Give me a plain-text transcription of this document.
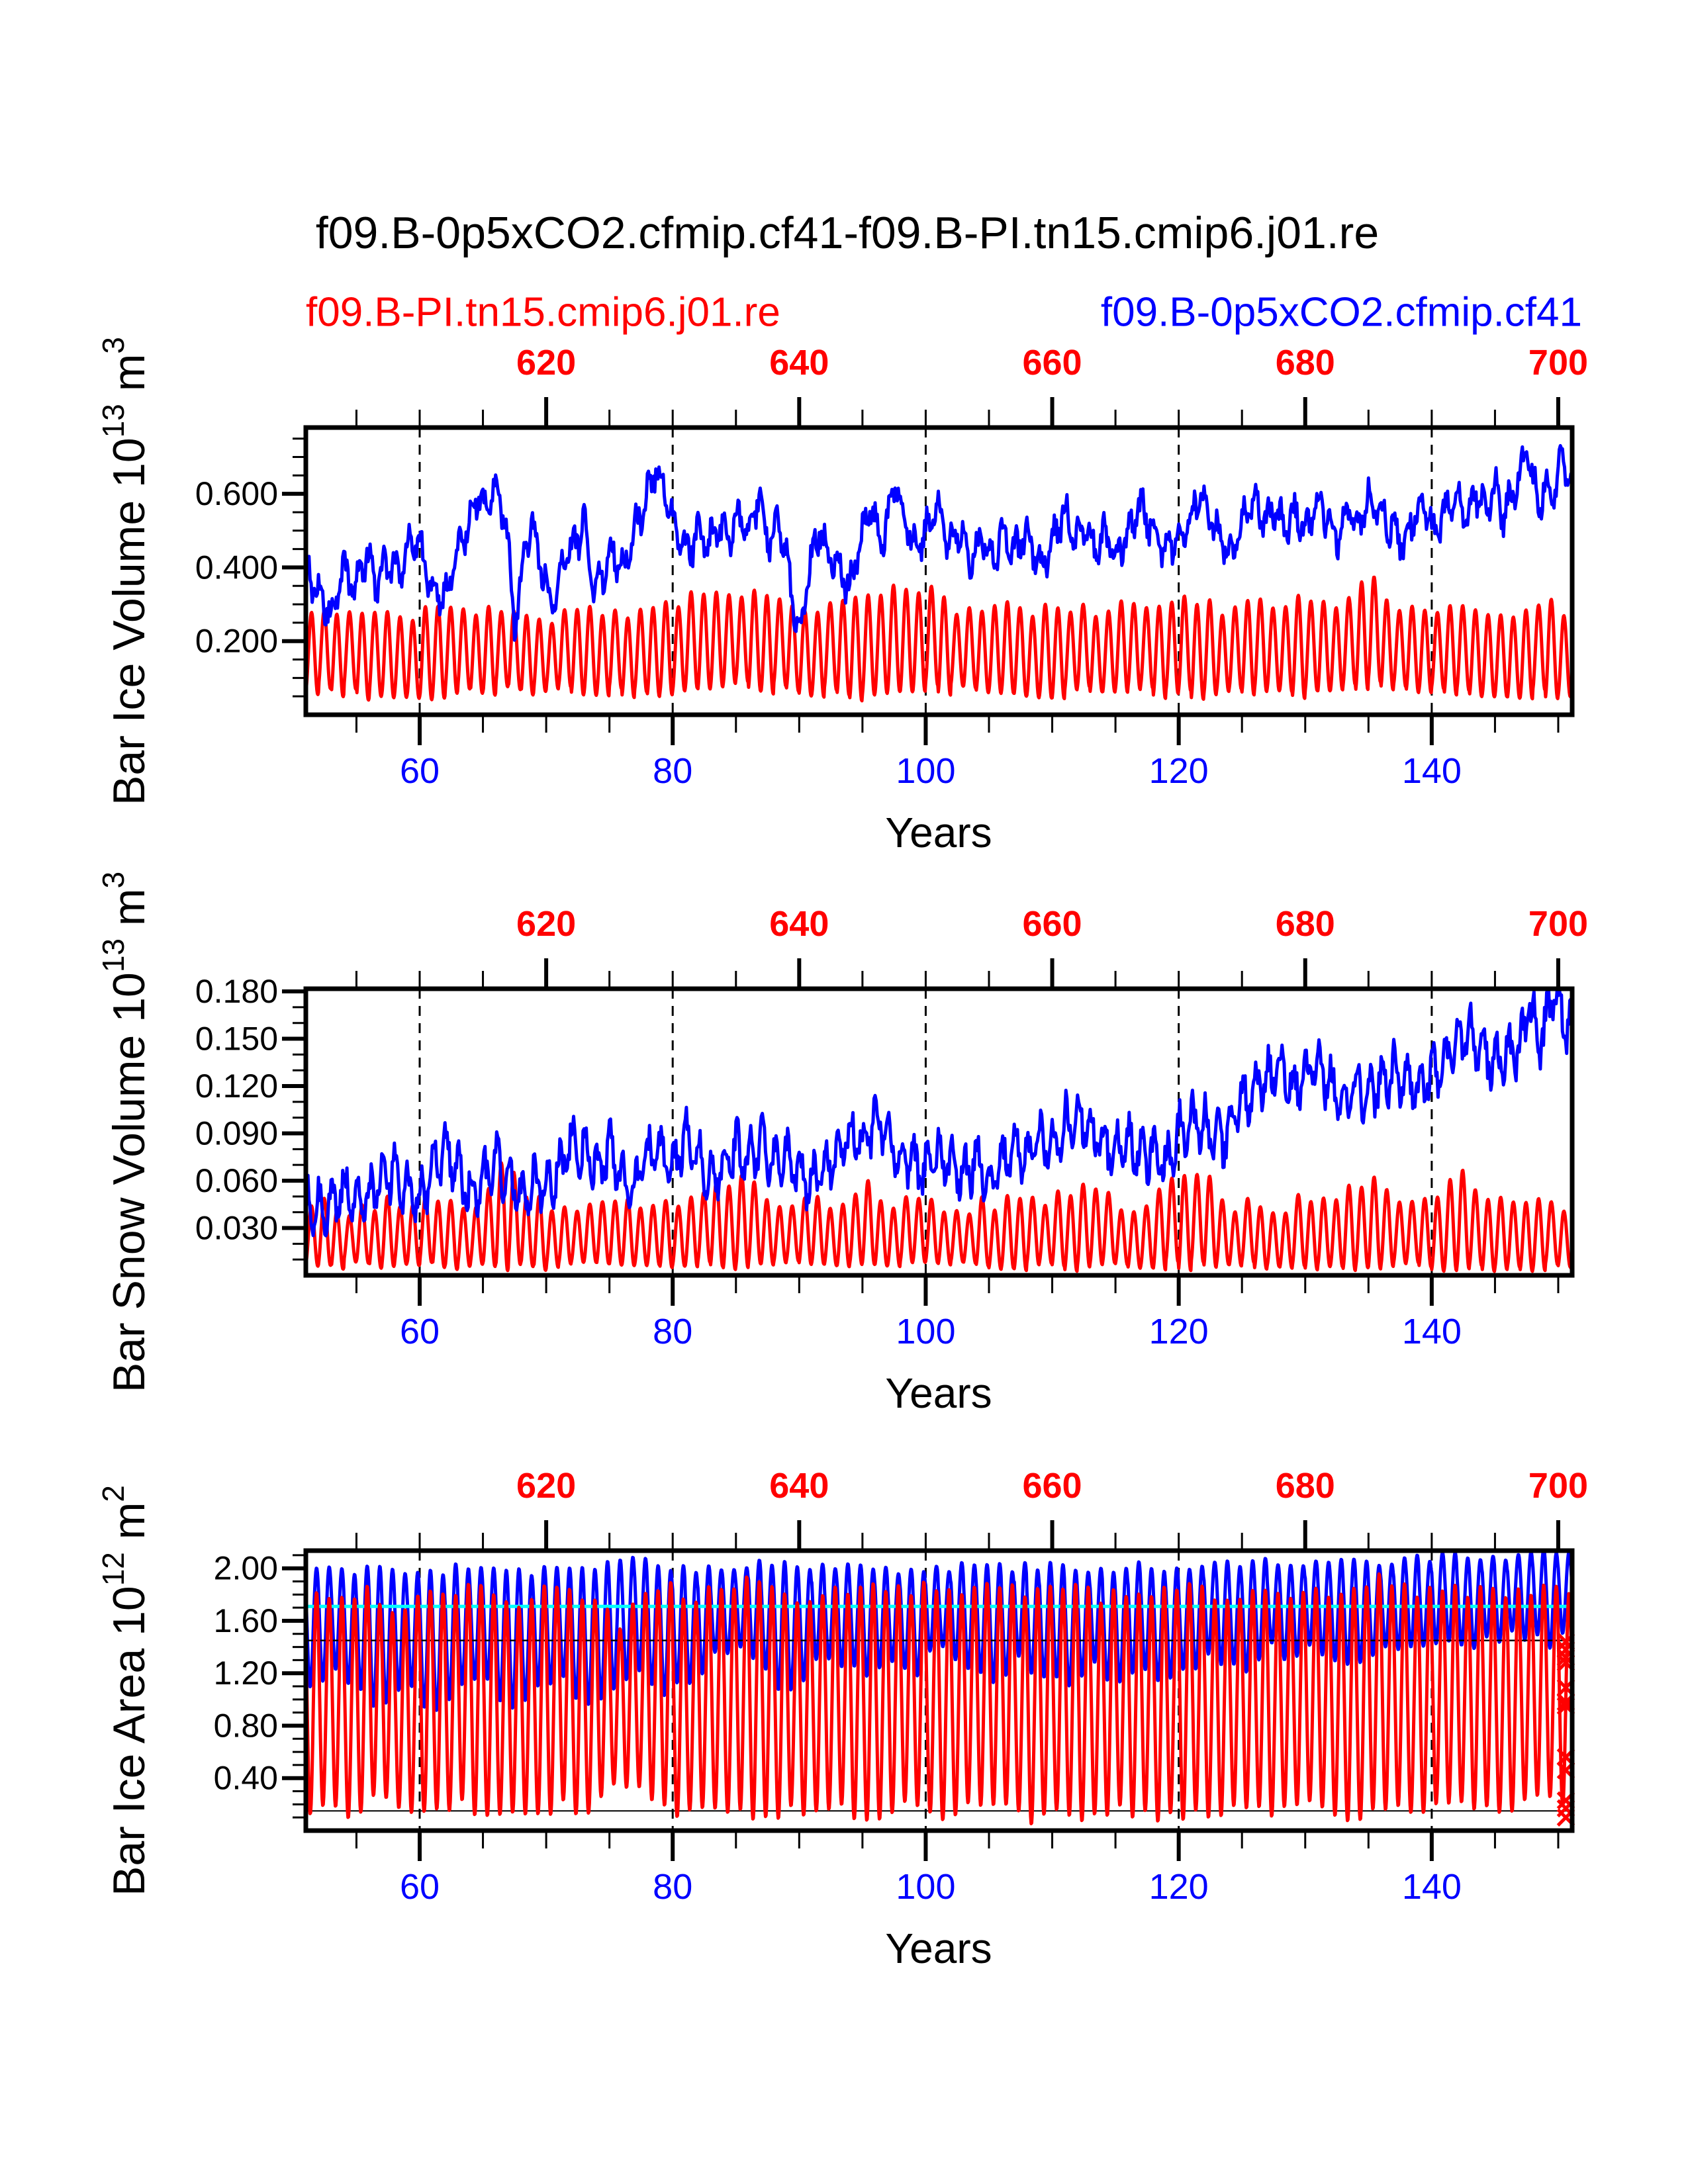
60	80	100	120	140
620	640	660	680	700
0.200
0.400
0.600
Bar Ice Volume $10^{13}$ $m^3$
60	80	100	120	140
620	640	660	680	700
0.030
0.060
0.090
0.120
0.150
0.180
Bar Snow Volume $10^{13}$ $m^3$
60	80	100	120	140
620	640	660	680	700
0.40
0.80
1.20
1.60
2.00
Bar Ice Area $10^{12}$ $m^2$
f09.B-0p5xCO2.cfmip.cf41-f09.B-PI.tn15.cmip6.j01.re
f09.B-PI.tn15.cmip6.j01.re	f09.B-0p5xCO2.cfmip.cf41
Years
Years
Years
